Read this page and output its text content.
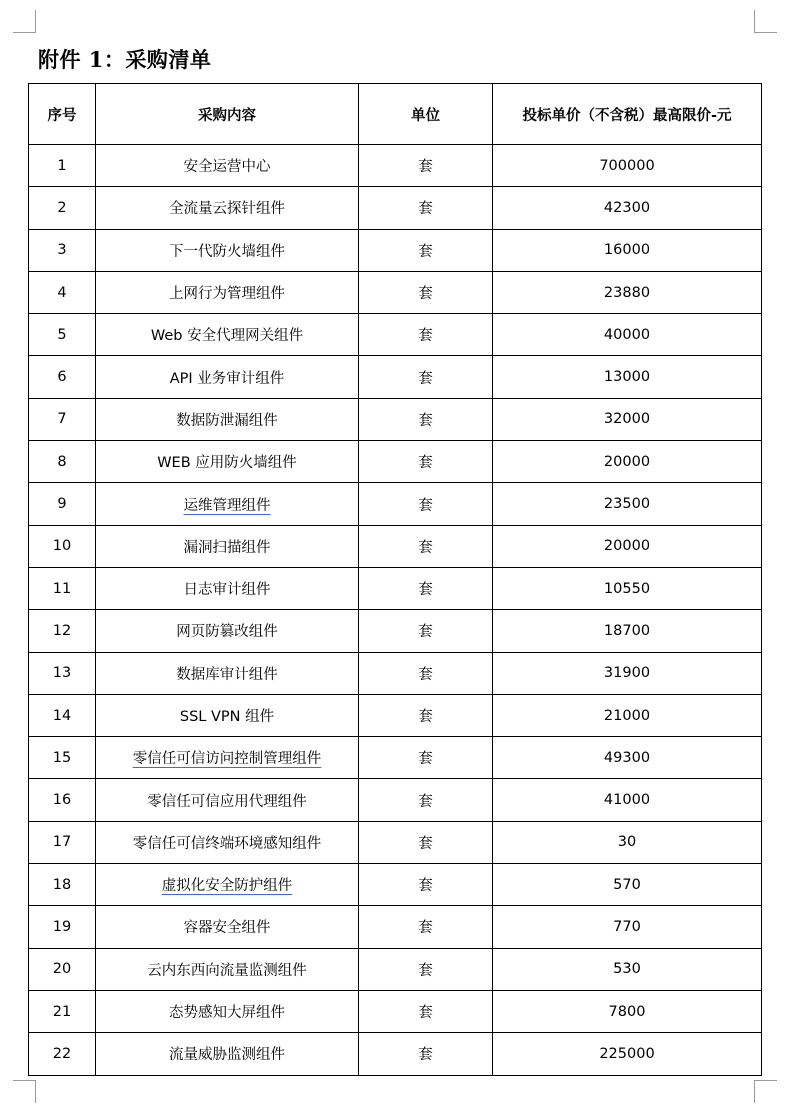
附件 1：采购清单
序号	采购内容	单位	投标单价（不含税）最高限价-元
1	安全运营中心	套	700000
2	全流量云探针组件	套	42300
3	下一代防火墙组件	套	16000
4	上网行为管理组件	套	23880
5	Web 安全代理网关组件	套	40000
6	API 业务审计组件	套	13000
7	数据防泄漏组件	套	32000
8	WEB 应用防火墙组件	套	20000
9	运维管理组件	套	23500
10	漏洞扫描组件	套	20000
11	日志审计组件	套	10550
12	网页防篡改组件	套	18700
13	数据库审计组件	套	31900
14	SSL VPN 组件	套	21000
15	零信任可信访问控制管理组件	套	49300
16	零信任可信应用代理组件	套	41000
17	零信任可信终端环境感知组件	套	30
18	虚拟化安全防护组件	套	570
19	容器安全组件	套	770
20	云内东西向流量监测组件	套	530
21	态势感知大屏组件	套	7800
22	流量威胁监测组件	套	225000
